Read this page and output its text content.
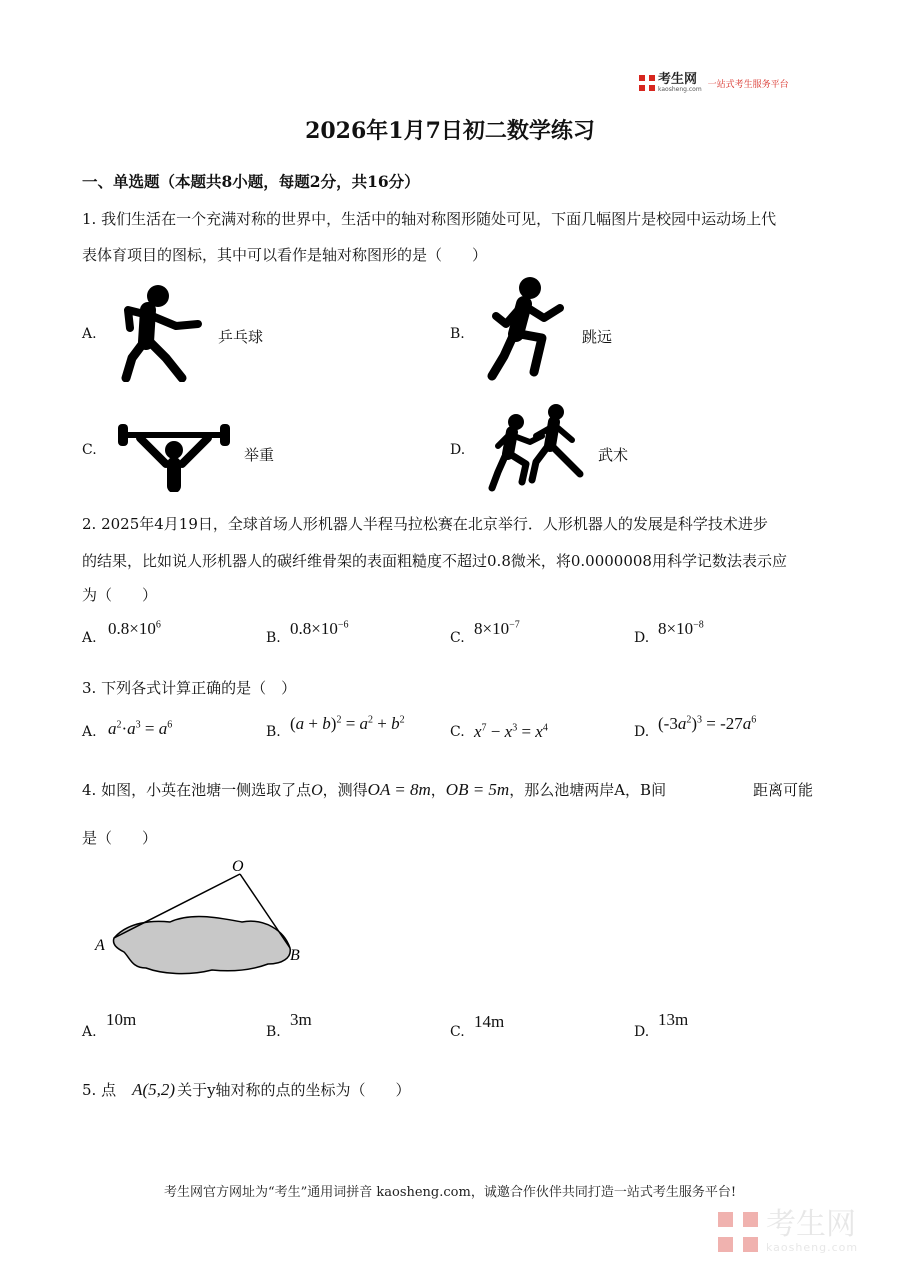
考生网
kaosheng.com 一站式考生服务平台
2026年1月7日初二数学练习
一、单选题（本题共8小题，每题2分，共16分）
1. 我们生活在一个充满对称的世界中，生活中的轴对称图形随处可见，下面几幅图片是校园中运动场上代
表体育项目的图标，其中可以看作是轴对称图形的是（　　）
A.	乒乓球	B.	跳远
C.	举重	D.	武术
2. 2025年4月19日，全球首场人形机器人半程马拉松赛在北京举行．人形机器人的发展是科学技术进步
的结果，比如说人形机器人的碳纤维骨架的表面粗糙度不超过0.8微米，将0.0000008用科学记数法表示应
为（　　）
A. $0.8\times 10^6$
B. $0.8\times 10^{-6}$
C. $8\times 10^{-7}$
D. $8\times 10^{-8}$
3. 下列各式计算正确的是（　）
A. $a^2\cdot a^3 = a^6$	B. $(a + b)^2 = a^2 + b^2$
C. $x^7 - x^3 = x^4$	D. $(-3a^2)^3 = -27a^6$
4. 如图，小英在池塘一侧选取了点 O ，测得 OA = 8m ， OB = 5m ，那么池塘两岸A，B间	距离可能
是（　　）
O
A
B
A.
10m
B.
3m
C.
14m
D.
13m
5. 点 A(5,2) 关于y轴对称的点的坐标为（　　）
考生网官方网址为“考生”通用词拼音 kaosheng.com，诚邀合作伙伴共同打造一站式考生服务平台!
考生网
kaosheng.com
